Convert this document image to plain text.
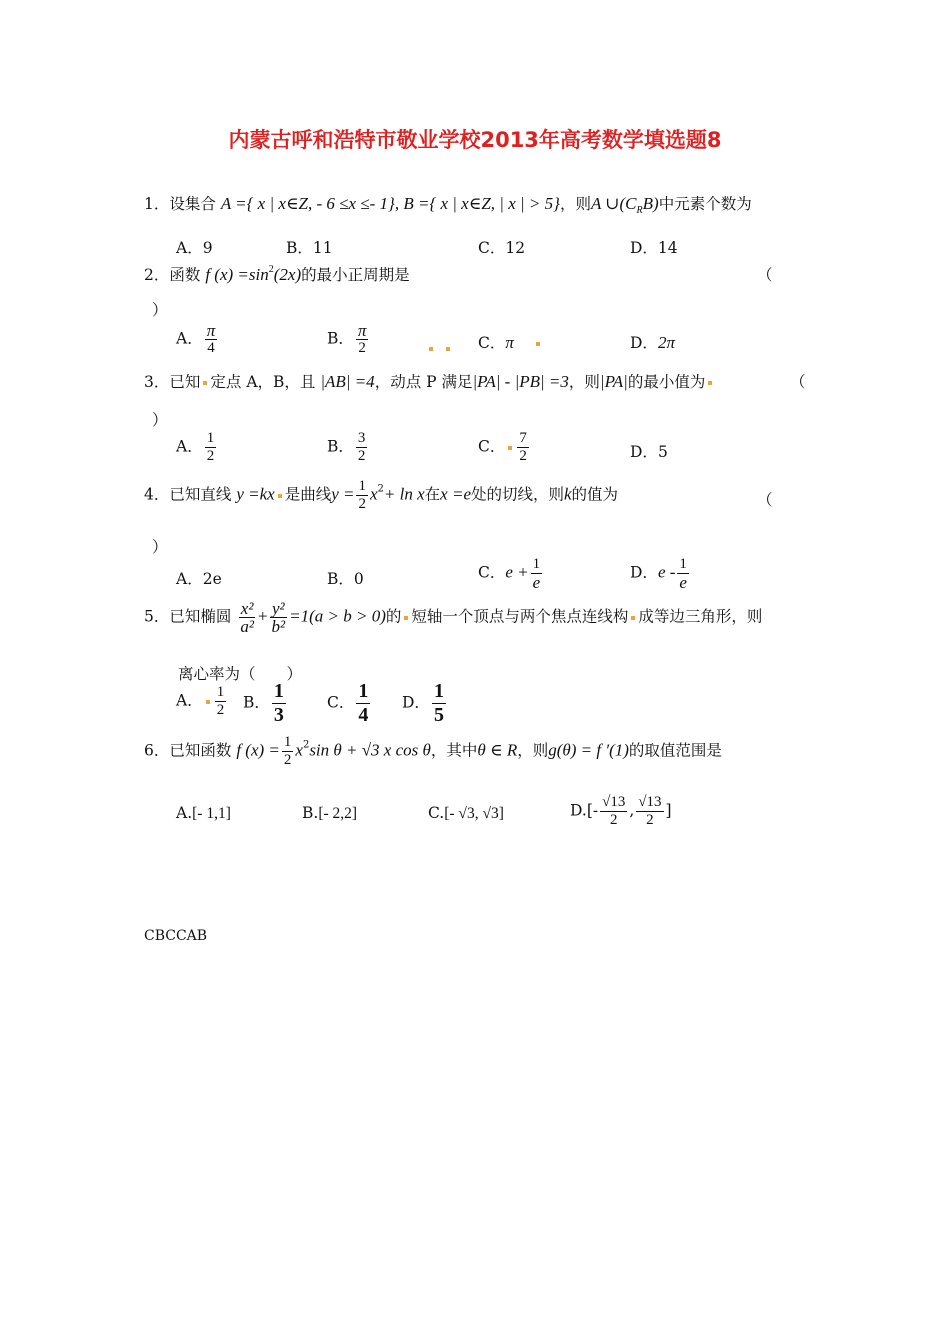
内蒙古呼和浩特市敬业学校2013年高考数学填选题8
1．设集合 A ={ x | x∈Z, - 6 ≤x ≤- 1}, B ={ x | x∈Z, | x | > 5}，则A $\cup(C_RB)$中元素个数为
A．9	B．11	C．12	D．14
2．函数 f $(x) =\sin^2(2x)$的最小正周期是	（
）
A． $\frac{\pi}{4}$	B． $\frac{\pi}{2}$	C．π	D．2π
3．已知 定点 A，B，且 |AB| =4，动点 P 满足|PA| - |PB| =3，则|PA|的最小值为	（
）
A． $\frac{1}{2}$	B． $\frac{3}{2}$	C． $\frac{7}{2}$	D．5
4．已知直线 y =kx 是曲线$y = \frac{1}{2} x^2+ \ln x$在x =e处的切线，则k的值为	（
）
A．2e	B．0	C．$e + \frac{1}{e}$	D．e - $\frac{1}{e}$
5．已知椭圆 $\frac{\text{x²}}{\text{a²}} + \frac{\text{y²}}{\text{b²}} =1(a > b > 0)$的 短轴一个顶点与两个焦点连线构 成等边三角形，则
离心率为（　　）
A． $\frac{1}{2}$ B． $\frac{1}{3}$	C． $\frac{1}{4}$ D． $\frac{1}{5}$
6．已知函数 f $(x) = \frac{1}{2} x^2\sin$ θ + √3 x cos θ，其中θ ∈ R，则g(θ) = f ′(1)的取值范围是
A.[- 1,1]	B.[- 2,2]	C.[- √3, √3]	$D.[- \frac{√13}{2}$ , $\frac{√13}{2}$ ]
CBCCAB
